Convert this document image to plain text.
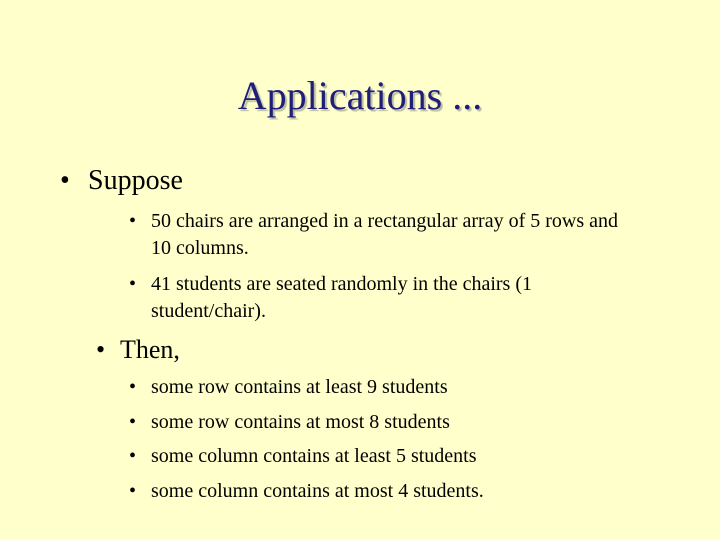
Applications ...
• Suppose
• 50 chairs are arranged in a rectangular array of 5 rows and 10 columns.
• 41 students are seated randomly in the chairs (1 student/chair).
• Then,
• some row contains at least 9 students
• some row contains at most 8 students
• some column contains at least 5 students
• some column contains at most 4 students.
